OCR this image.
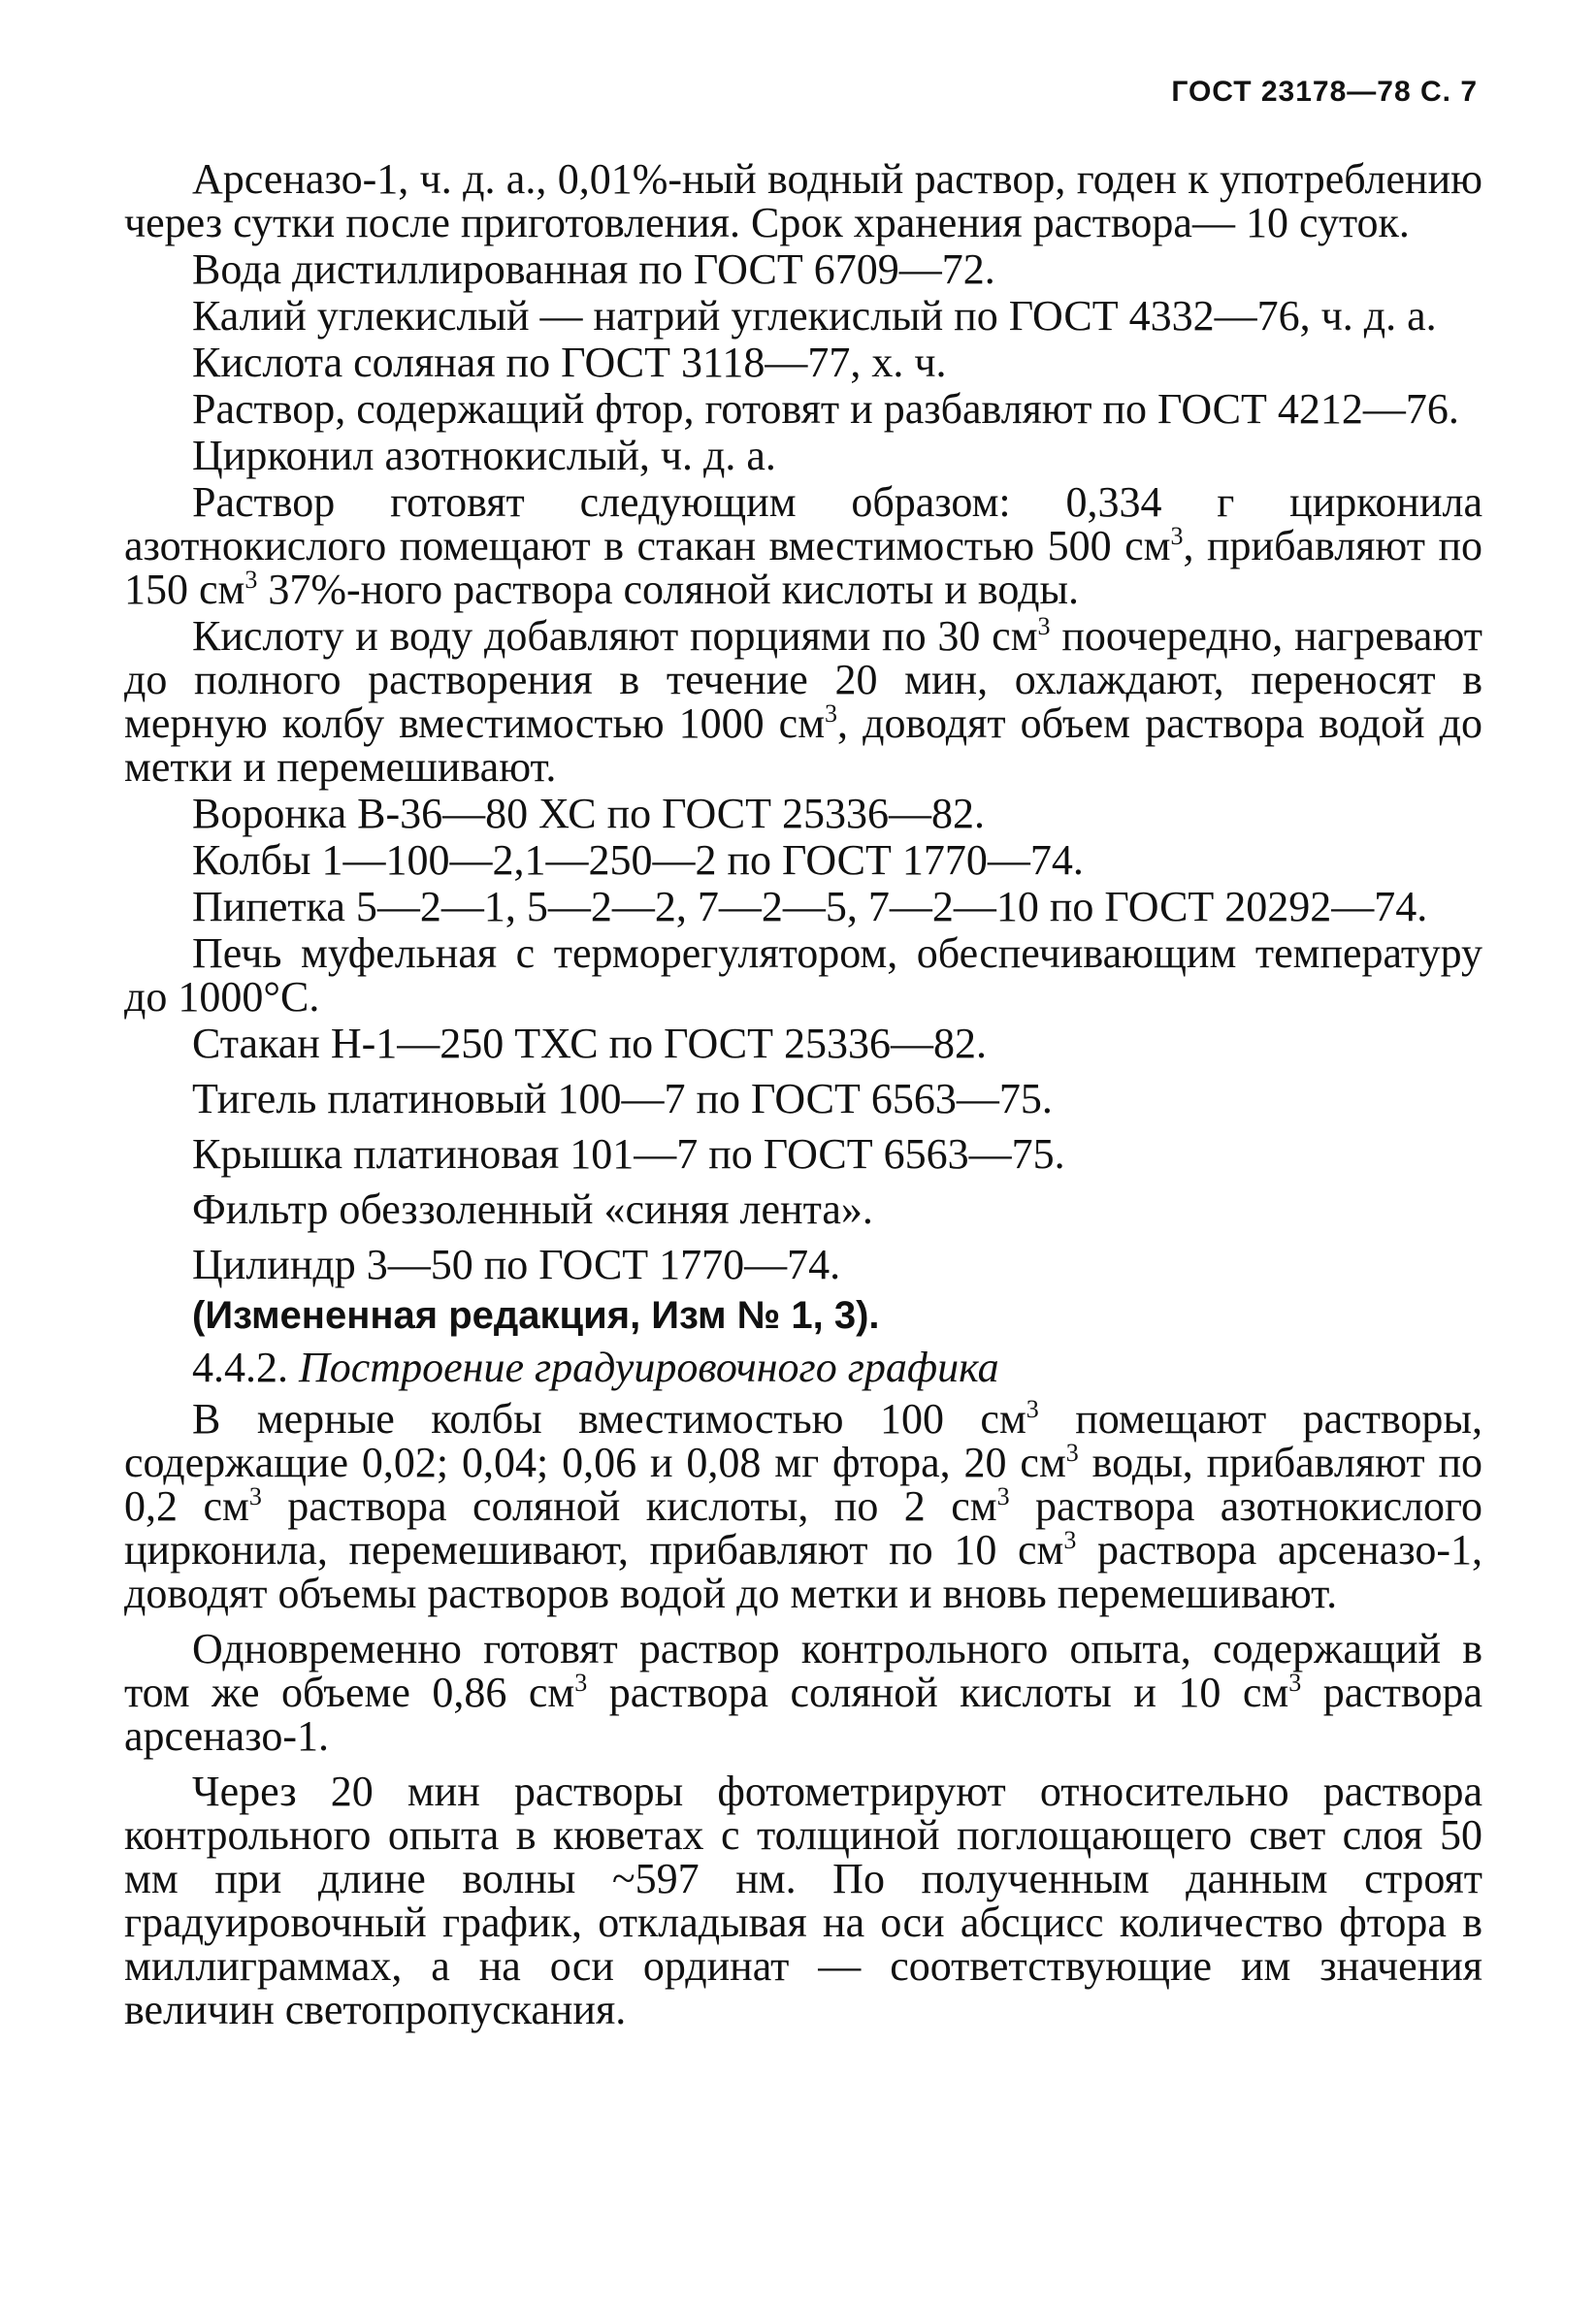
ГОСТ 23178—78 С. 7

Арсеназо-1, ч. д. а., 0,01%-ный водный раствор, годен к употреблению через сутки после приготовления. Срок хранения раствора— 10 суток.

Вода дистиллированная по ГОСТ 6709—72.

Калий углекислый — натрий углекислый по ГОСТ 4332—76, ч. д. а.

Кислота соляная по ГОСТ 3118—77, х. ч.

Раствор, содержащий фтор, готовят и разбавляют по ГОСТ 4212—76.

Цирконил азотнокислый, ч. д. а.

Раствор готовят следующим образом: 0,334 г цирконила азотнокислого помещают в стакан вместимостью 500 $см^3$, прибавляют по 150 $см^3$ 37%-ного раствора соляной кислоты и воды.

Кислоту и воду добавляют порциями по 30 $см^3$ поочередно, нагревают до полного растворения в течение 20 мин, охлаждают, переносят в мерную колбу вместимостью 1000 $см^3$, доводят объем раствора водой до метки и перемешивают.

Воронка В-36—80 ХС по ГОСТ 25336—82.

Колбы 1—100—2,1—250—2 по ГОСТ 1770—74.

Пипетка 5—2—1, 5—2—2, 7—2—5, 7—2—10 по ГОСТ 20292—74.

Печь муфельная с терморегулятором, обеспечивающим температуру до 1000°С.

Стакан Н-1—250 ТХС по ГОСТ 25336—82.

Тигель платиновый 100—7 по ГОСТ 6563—75.

Крышка платиновая 101—7 по ГОСТ 6563—75.

Фильтр обеззоленный «синяя лента».

Цилиндр 3—50 по ГОСТ 1770—74.

(Измененная редакция, Изм № 1, 3).

4.4.2. Построение градуировочного графика

В мерные колбы вместимостью 100 $см^3$ помещают растворы, содержащие 0,02; 0,04; 0,06 и 0,08 мг фтора, 20 $см^3$ воды, прибавляют по 0,2 $см^3$ раствора соляной кислоты, по 2 $см^3$ раствора азотнокислого цирконила, перемешивают, прибавляют по 10 $см^3$ раствора арсеназо-1, доводят объемы растворов водой до метки и вновь перемешивают.

Одновременно готовят раствор контрольного опыта, содержащий в том же объеме 0,86 $см^3$ раствора соляной кислоты и 10 $см^3$ раствора арсеназо-1.

Через 20 мин растворы фотометрируют относительно раствора контрольного опыта в кюветах с толщиной поглощающего свет слоя 50 мм при длине волны ~597 нм. По полученным данным строят градуировочный график, откладывая на оси абсцисс количество фтора в миллиграммах, а на оси ординат — соответствующие им значения величин светопропускания.
